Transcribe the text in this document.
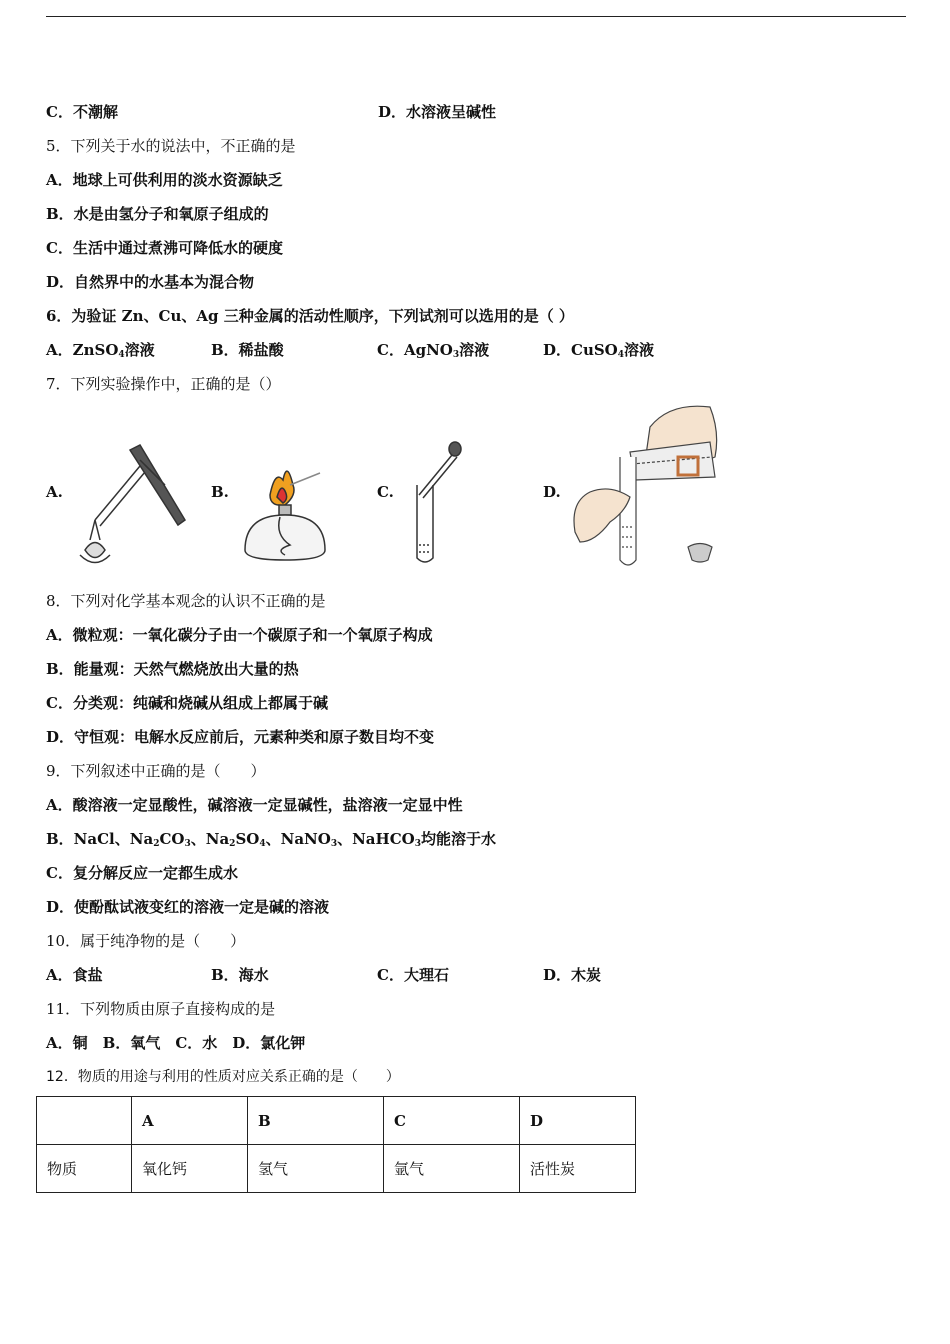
C．不潮解	D．水溶液呈碱性
5．下列关于水的说法中，不正确的是
A．地球上可供利用的淡水资源缺乏
B．水是由氢分子和氧原子组成的
C．生活中通过煮沸可降低水的硬度
D．自然界中的水基本为混合物
6．为验证 Zn、Cu、Ag 三种金属的活动性顺序，下列试剂可以选用的是（ ）
A．ZnSO$_4$溶液	B．稀盐酸	C．AgNO$_3$溶液	D．CuSO$_4$溶液
7．下列实验操作中，正确的是（）
A.	B.	C.	D.
8．下列对化学基本观念的认识不正确的是
A．微粒观：一氧化碳分子由一个碳原子和一个氧原子构成
B．能量观：天然气燃烧放出大量的热
C．分类观：纯碱和烧碱从组成上都属于碱
D．守恒观：电解水反应前后，元素种类和原子数目均不变
9．下列叙述中正确的是（　　）
A．酸溶液一定显酸性，碱溶液一定显碱性，盐溶液一定显中性
B．NaCl、$Na_2CO_3$、$Na_2SO_4$、NaNO$_3$、NaHCO$_3$均能溶于水
C．复分解反应一定都生成水
D．使酚酞试液变红的溶液一定是碱的溶液
10．属于纯净物的是（　　）
A．食盐	B．海水	C．大理石	D．木炭
11．下列物质由原子直接构成的是
A．铜　B．氧气　C．水　D．氯化钾
12．物质的用途与利用的性质对应关系正确的是（　　）
	A	B	C	D
物质	氧化钙	氢气	氩气	活性炭
